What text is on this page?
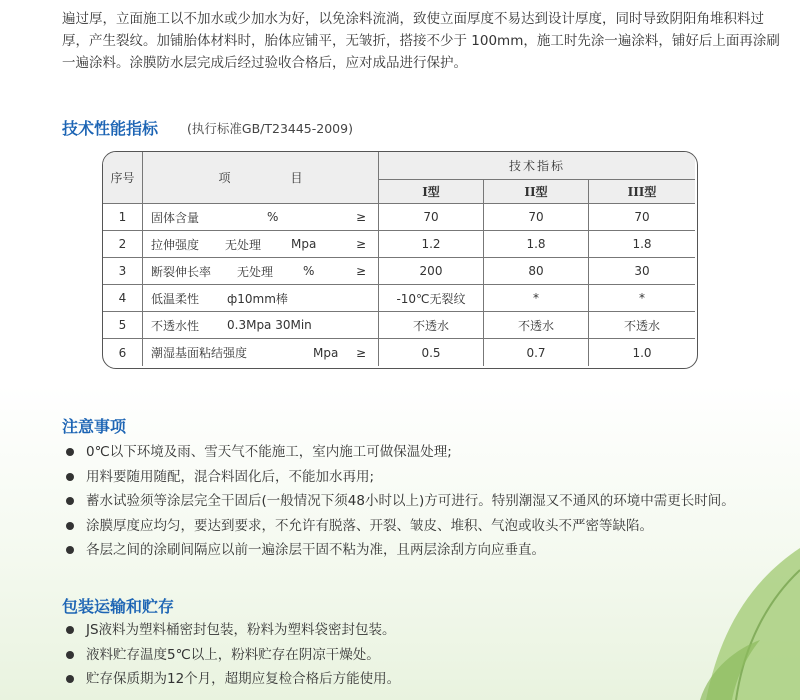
遍过厚，立面施工以不加水或少加水为好，以免涂料流淌，致使立面厚度不易达到设计厚度，同时导致阴阳角堆积料过
厚，产生裂纹。加铺胎体材料时，胎体应铺平，无皱折，搭接不少于 100mm，施工时先涂一遍涂料，铺好后上面再涂刷
一遍涂料。涂膜防水层完成后经过验收合格后，应对成品进行保护。

技术性能指标 (执行标准GB/T23445-2009)
序号	项	目
技术指标
I型	II型	III型
1	固体含量	%	≥	70	70	70
2	拉伸强度 无处理 Mpa	≥	1.2	1.8	1.8
3	断裂伸长率 无处理 %	≥	200	80	30
4	低温柔性 ф10mm棒	-10℃无裂纹	*	*
5	不透水性 0.3Mpa 30Min	不透水	不透水	不透水
6	潮湿基面粘结强度	Mpa ≥	0.5	0.7	1.0
注意事项
0℃以下环境及雨、雪天气不能施工，室内施工可做保温处理;
用料要随用随配，混合料固化后，不能加水再用;
蓄水试验须等涂层完全干固后(一般情况下须48小时以上)方可进行。特别潮湿又不通风的环境中需更长时间。
涂膜厚度应均匀，要达到要求，不允许有脱落、开裂、皱皮、堆积、气泡或收头不严密等缺陷。
各层之间的涂刷间隔应以前一遍涂层干固不粘为准，且两层涂刮方向应垂直。
包装运输和贮存
JS液料为塑料桶密封包装，粉料为塑料袋密封包装。
液料贮存温度5℃以上，粉料贮存在阴凉干燥处。
贮存保质期为12个月，超期应复检合格后方能使用。
